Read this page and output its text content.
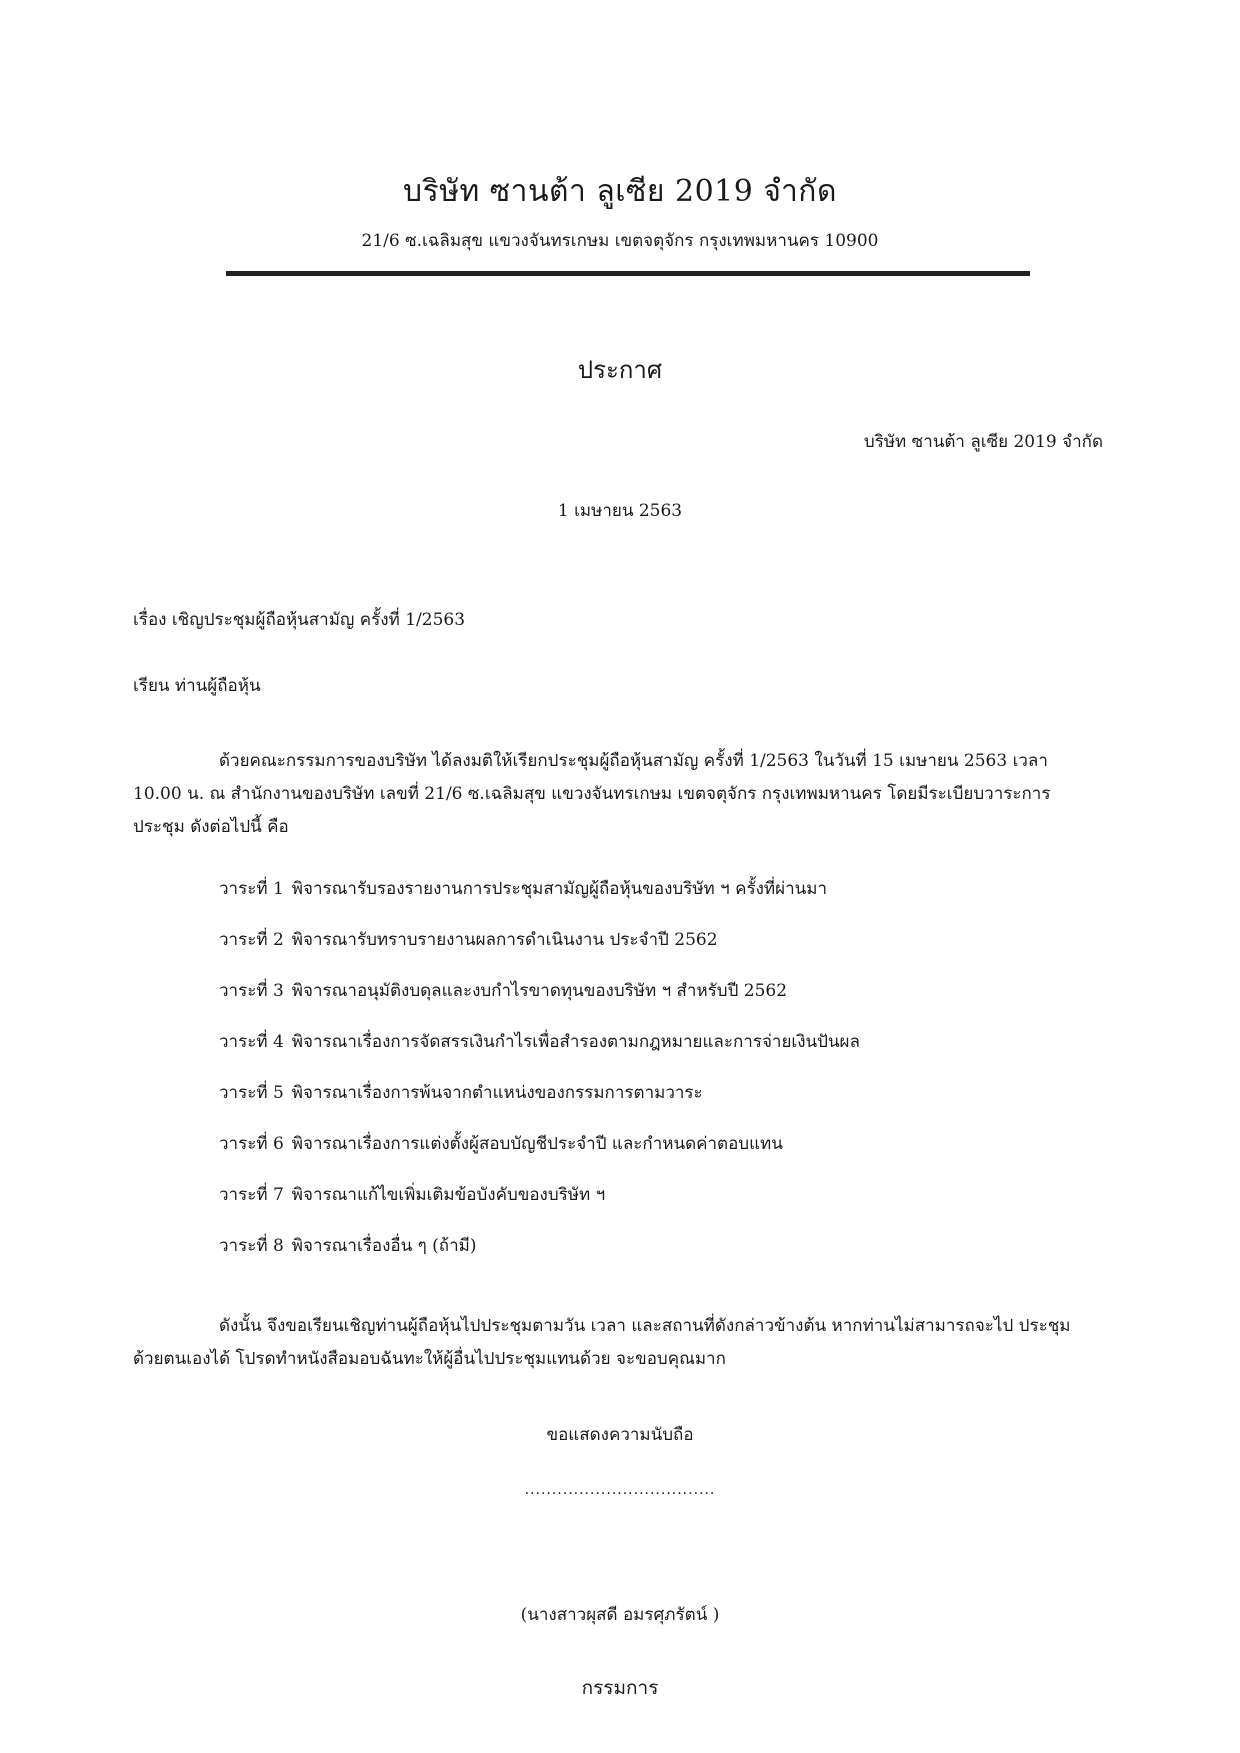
บริษัท ซานต้า ลูเซีย 2019 จำกัด
21/6 ซ.เฉลิมสุข แขวงจันทรเกษม เขตจตุจักร กรุงเทพมหานคร 10900
ประกาศ
บริษัท ซานต้า ลูเซีย 2019 จำกัด
1 เมษายน 2563
เรื่อง เชิญประชุมผู้ถือหุ้นสามัญ ครั้งที่ 1/2563
เรียน ท่านผู้ถือหุ้น
ด้วยคณะกรรมการของบริษัท ได้ลงมติให้เรียกประชุมผู้ถือหุ้นสามัญ ครั้งที่ 1/2563 ในวันที่ 15 เมษายน 2563 เวลา 10.00 น. ณ สำนักงานของบริษัท เลขที่ 21/6 ซ.เฉลิมสุข แขวงจันทรเกษม เขตจตุจักร กรุงเทพมหานคร โดยมีระเบียบวาระการประชุม ดังต่อไปนี้ คือ
วาระที่ 1 พิจารณารับรองรายงานการประชุมสามัญผู้ถือหุ้นของบริษัท ฯ ครั้งที่ผ่านมา
วาระที่ 2 พิจารณารับทราบรายงานผลการดำเนินงาน ประจำปี 2562
วาระที่ 3 พิจารณาอนุมัติงบดุลและงบกำไรขาดทุนของบริษัท ฯ สำหรับปี 2562
วาระที่ 4 พิจารณาเรื่องการจัดสรรเงินกำไรเพื่อสำรองตามกฎหมายและการจ่ายเงินปันผล
วาระที่ 5 พิจารณาเรื่องการพ้นจากตำแหน่งของกรรมการตามวาระ
วาระที่ 6 พิจารณาเรื่องการแต่งตั้งผู้สอบบัญชีประจำปี และกำหนดค่าตอบแทน
วาระที่ 7 พิจารณาแก้ไขเพิ่มเติมข้อบังคับของบริษัท ฯ
วาระที่ 8 พิจารณาเรื่องอื่น ๆ (ถ้ามี)
ดังนั้น จึงขอเรียนเชิญท่านผู้ถือหุ้นไปประชุมตามวัน เวลา และสถานที่ดังกล่าวข้างต้น หากท่านไม่สามารถจะไป ประชุมด้วยตนเองได้ โปรดทำหนังสือมอบฉันทะให้ผู้อื่นไปประชุมแทนด้วย จะขอบคุณมาก
ขอแสดงความนับถือ
...................................
(นางสาวผุสดี อมรศุภรัตน์ )
กรรมการ
